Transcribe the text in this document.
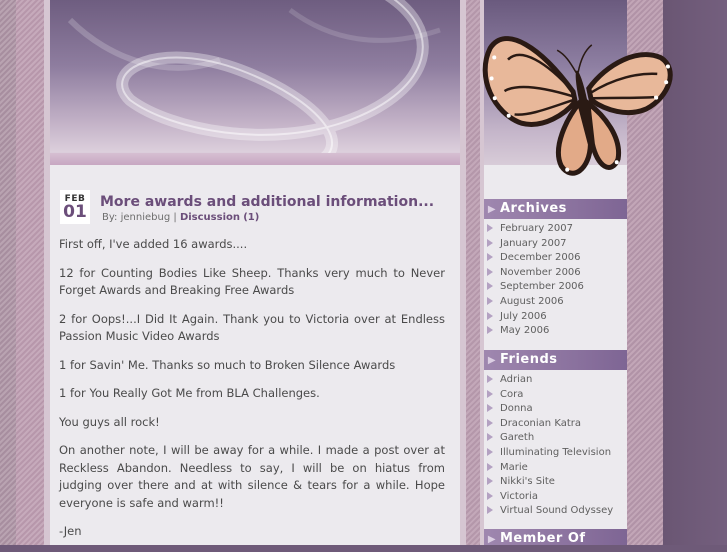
FEB
01 More awards and additional information...
By: jenniebug | Discussion (1)

First off, I've added 16 awards....

12 for Counting Bodies Like Sheep. Thanks very much to Never Forget Awards and Breaking Free Awards

2 for Oops!...I Did It Again. Thank you to Victoria over at Endless Passion Music Video Awards

1 for Savin' Me. Thanks so much to Broken Silence Awards

1 for You Really Got Me from BLA Challenges.

You guys all rock!

On another note, I will be away for a while. I made a post over at Reckless Abandon. Needless to say, I will be on hiatus from judging over there and at with silence & tears for a while. Hope everyone is safe and warm!!

-Jen

▶ Archives
February 2007
January 2007
December 2006
November 2006
September 2006
August 2006
July 2006
May 2006
▶ Friends
Adrian
Cora
Donna
Draconian Katra
Gareth
Illuminating Television
Marie
Nikki's Site
Victoria
Virtual Sound Odyssey
▶ Member Of
